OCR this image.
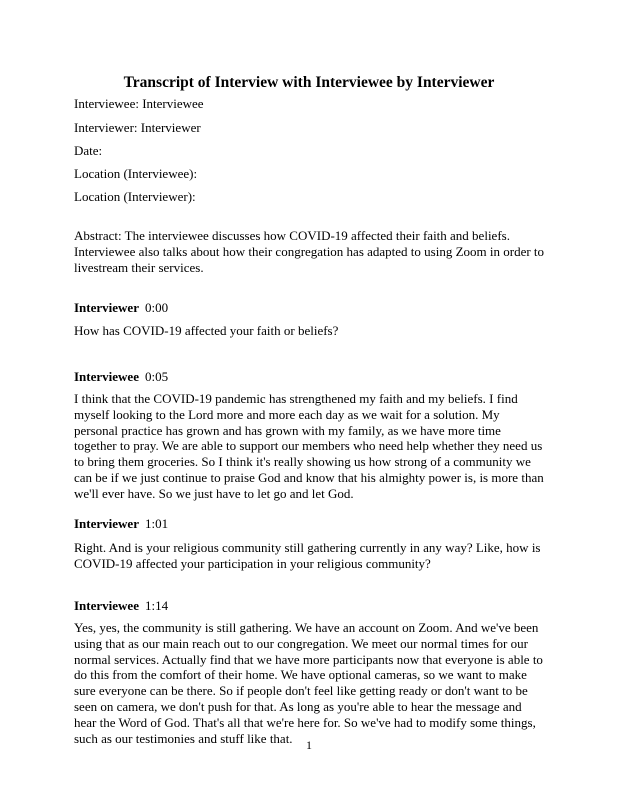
Transcript of Interview with Interviewee by Interviewer
Interviewee: Interviewee
Interviewer: Interviewer
Date:
Location (Interviewee):
Location (Interviewer):

Abstract: The interviewee discusses how COVID-19 affected their faith and beliefs. Interviewee also talks about how their congregation has adapted to using Zoom in order to livestream their services.

Interviewer 0:00

How has COVID-19 affected your faith or beliefs?

Interviewee 0:05

I think that the COVID-19 pandemic has strengthened my faith and my beliefs. I find myself looking to the Lord more and more each day as we wait for a solution. My personal practice has grown and has grown with my family, as we have more time together to pray. We are able to support our members who need help whether they need us to bring them groceries. So I think it's really showing us how strong of a community we can be if we just continue to praise God and know that his almighty power is, is more than we'll ever have. So we just have to let go and let God.

Interviewer 1:01

Right. And is your religious community still gathering currently in any way? Like, how is COVID-19 affected your participation in your religious community?

Interviewee 1:14

Yes, yes, the community is still gathering. We have an account on Zoom. And we've been using that as our main reach out to our congregation. We meet our normal times for our normal services. Actually find that we have more participants now that everyone is able to do this from the comfort of their home. We have optional cameras, so we want to make sure everyone can be there. So if people don't feel like getting ready or don't want to be seen on camera, we don't push for that. As long as you're able to hear the message and hear the Word of God. That's all that we're here for. So we've had to modify some things, such as our testimonies and stuff like that.	1
